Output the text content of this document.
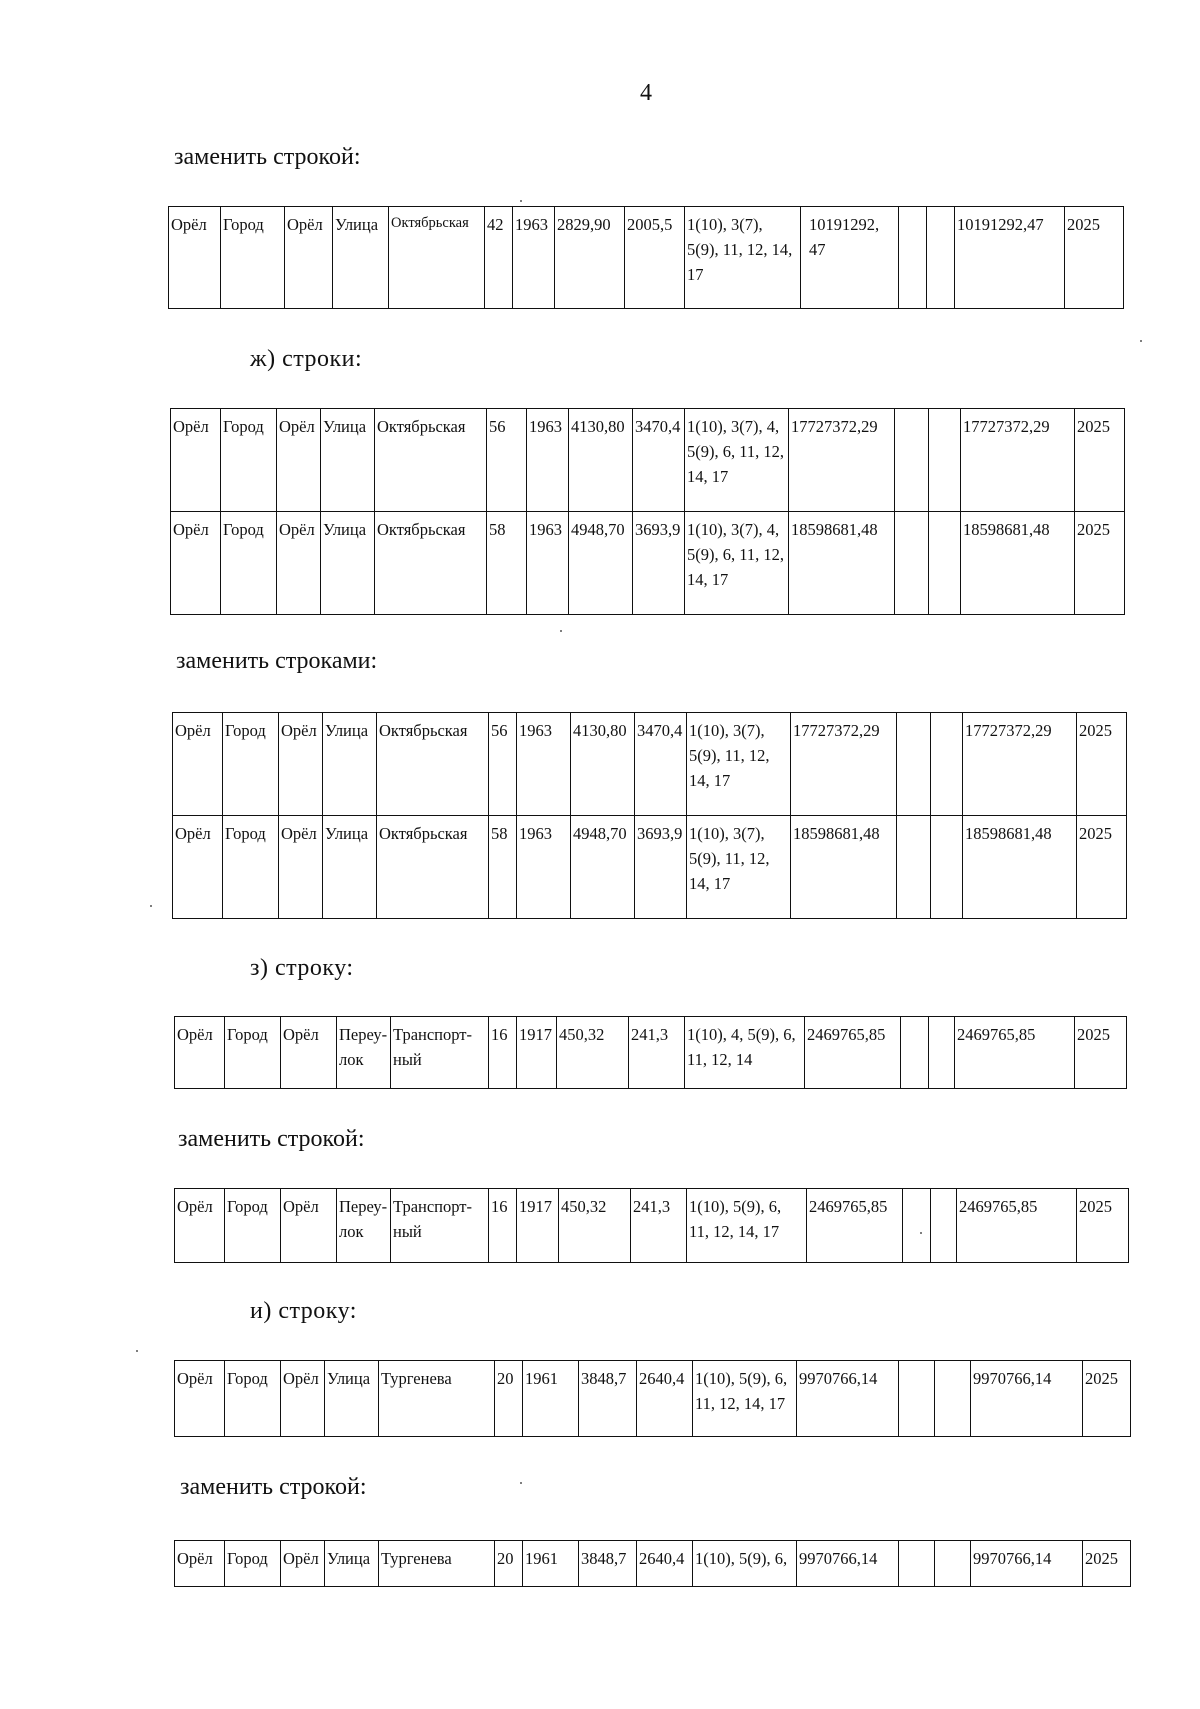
4
заменить строкой:
Орёл	Город	Орёл	Улица	Октябрьская	42	1963	2829,90	2005,5	1(10), 3(7), 5(9), 11, 12, 14, 17	10191292, 47			10191292,47	2025
ж) строки:
Орёл	Город	Орёл	Улица	Октябрьская	56	1963	4130,80	3470,4	1(10), 3(7), 4, 5(9), 6, 11, 12, 14, 17	17727372,29			17727372,29	2025
Орёл	Город	Орёл	Улица	Октябрьская	58	1963	4948,70	3693,9	1(10), 3(7), 4, 5(9), 6, 11, 12, 14, 17	18598681,48			18598681,48	2025
заменить строками:
Орёл	Город	Орёл	Улица	Октябрьская	56	1963	4130,80	3470,4	1(10), 3(7), 5(9), 11, 12, 14, 17	17727372,29			17727372,29	2025
Орёл	Город	Орёл	Улица	Октябрьская	58	1963	4948,70	3693,9	1(10), 3(7), 5(9), 11, 12, 14, 17	18598681,48			18598681,48	2025
з) строку:
Орёл	Город	Орёл	Переу- лок	Транспорт- ный	16	1917	450,32	241,3	1(10), 4, 5(9), 6, 11, 12, 14	2469765,85			2469765,85	2025
заменить строкой:
Орёл	Город	Орёл	Переу- лок	Транспорт- ный	16	1917	450,32	241,3	1(10), 5(9), 6, 11, 12, 14, 17	2469765,85			2469765,85	2025
и) строку:
Орёл	Город	Орёл	Улица	Тургенева	20	1961	3848,7	2640,4	1(10), 5(9), 6, 11, 12, 14, 17	9970766,14			9970766,14	2025
заменить строкой:
Орёл	Город	Орёл	Улица	Тургенева	20	1961	3848,7	2640,4	1(10), 5(9), 6,	9970766,14			9970766,14	2025
